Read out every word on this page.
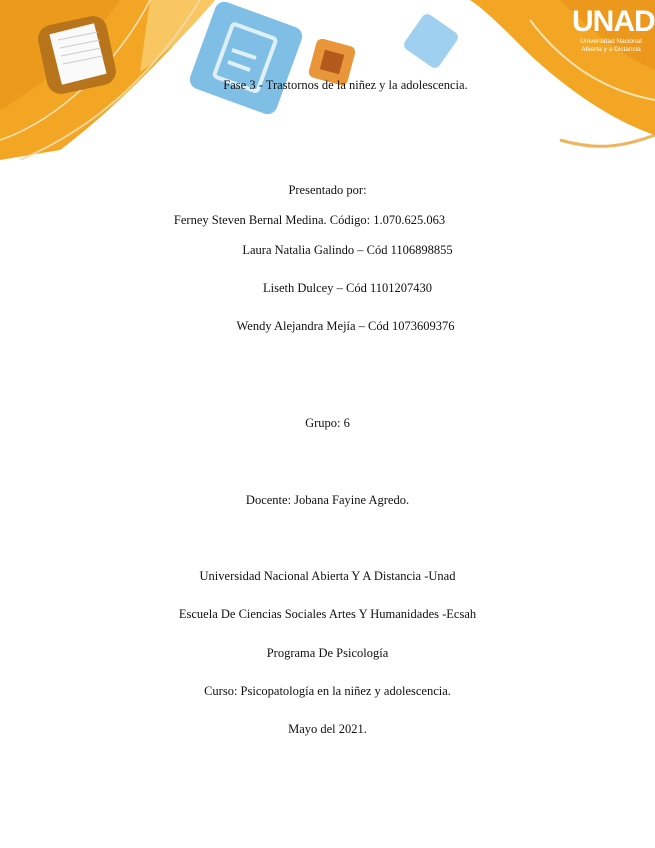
UNAD
Universidad Nacional
Abierta y a Distancia
Fase 3 - Trastornos de la niñez y la adolescencia.
Presentado por:
Ferney Steven Bernal Medina. Código: 1.070.625.063
Laura Natalia Galindo – Cód 1106898855
Liseth Dulcey – Cód 1101207430
Wendy Alejandra Mejía – Cód 1073609376
Grupo: 6
Docente: Jobana Fayine Agredo.
Universidad Nacional Abierta Y A Distancia -Unad
Escuela De Ciencias Sociales Artes Y Humanidades -Ecsah
Programa De Psicología
Curso: Psicopatología en la niñez y adolescencia.
Mayo del 2021.
